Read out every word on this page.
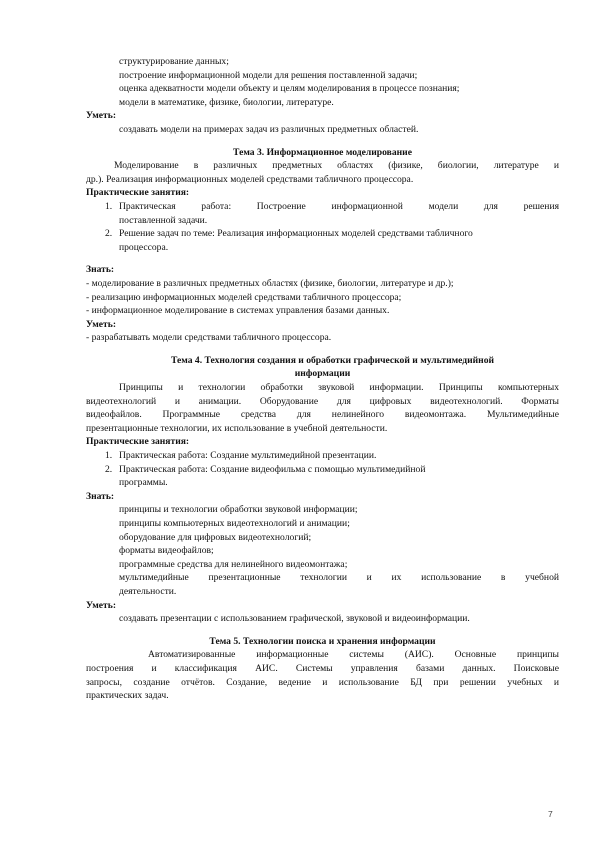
структурирование данных;

построение информационной модели для решения поставленной задачи;

оценка адекватности модели объекту и целям моделирования в процессе познания;

модели в математике, физике, биологии, литературе.

Уметь:

создавать модели на примерах задач из различных предметных областей.

Тема 3. Информационное моделирование

Моделирование в различных предметных областях (физике, биологии, литературе и

др.). Реализация информационных моделей средствами табличного процессора.

Практические занятия:

1. Практическая работа: Построение информационной модели для решения

поставленной задачи.

2. Решение задач по теме: Реализация информационных моделей средствами табличного

процессора.

Знать:

- моделирование в различных предметных областях (физике, биологии, литературе и др.);

- реализацию информационных моделей средствами табличного процессора;

- информационное моделирование в системах управления базами данных.

Уметь:

- разрабатывать модели средствами табличного процессора.

Тема 4. Технология создания и обработки графической и мультимедийной

информации

Принципы и технологии обработки звуковой информации. Принципы компьютерных

видеотехнологий и анимации. Оборудование для цифровых видеотехнологий. Форматы

видеофайлов. Программные средства для нелинейного видеомонтажа. Мультимедийные

презентационные технологии, их использование в учебной деятельности.

Практические занятия:

1. Практическая работа: Создание мультимедийной презентации.

2. Практическая работа: Создание видеофильма с помощью мультимедийной

программы.

Знать:

принципы и технологии обработки звуковой информации;

принципы компьютерных видеотехнологий и анимации;

оборудование для цифровых видеотехнологий;

форматы видеофайлов;

программные средства для нелинейного видеомонтажа;

мультимедийные презентационные технологии и их использование в учебной

деятельности.

Уметь:

создавать презентации с использованием графической, звуковой и видеоинформации.

Тема 5. Технологии поиска и хранения информации

Автоматизированные информационные системы (АИС). Основные принципы

построения и классификация АИС. Системы управления базами данных. Поисковые

запросы, создание отчётов. Создание, ведение и использование БД при решении учебных и

практических задач.

7
